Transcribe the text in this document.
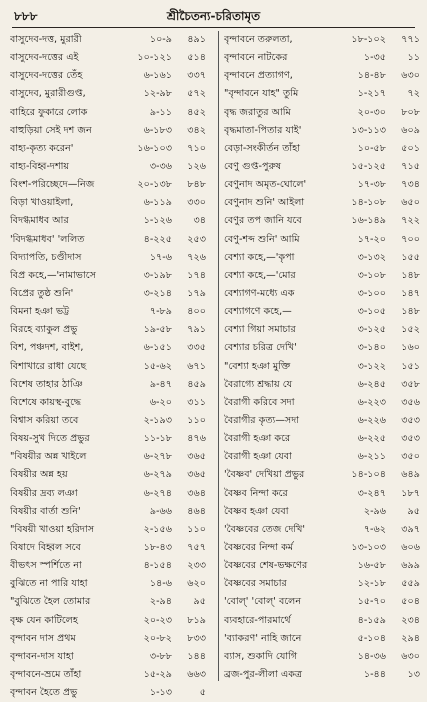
৮৮৮	শ্রীচৈতন্য-চরিতামৃত
বাসুদেব-দত্ত, মুরারী	১০-৯	৪৯১
বাসুদেব-দত্তের এই	১০-১২১	৫১৪
বাসুদেব-দত্তের তেঁহ	৬-১৬১	৩৩৭
বাসুদেব, মুরারীগুপ্ত,	১২-৯৮	৫৭২
বাহিরে ফুকারে লোক	৯-১১	৪৫২
বাহুড়িয়া সেই দশ জন	৬-১৮৩	৩৪২
বাহ্য-কৃত্য করেন'	১৬-১০৩	৭১০
বাহ্য-বিহ্ব-দশায়	৩-৩৬	১২৬
বিংশ-পরিচ্ছেদে—নিজ	২০-১৩৮	৮৪৮
বিড়া খাওয়াইলা,	৬-১১৯	৩৩০
বিদগ্ধমাধব আর	১-১২৬	৩৪
'বিদগ্ধমাধব' 'ললিত	৪-২২৫	২৫৩
বিদ্যাপতি, চণ্ডীদাস	১৭-৬	৭২৬
বিপ্র কহে,—'নামাভাসে	৩-১৯৮	১৭৪
বিপ্রের তুষ্ঠ শুনি'	৩-২১৪	১৭৯
বিমনা হঞা ভট্ট	৭-৮৯	৪০০
বিরহে ব্যাকুল প্রভু	১৯-৫৮	৭৯১
বিশ, পঞ্চদশ, বাইশ,	৬-১৫১	৩৩৫
বিশাখারে রাধা যেছে	১৫-৬২	৬৭১
বিশেষ তাহার ঠাঞি	৯-৪৭	৪৫৯
বিশেষে কায়স্থ-বুদ্ধে	৬-২০	৩১১
বিশ্বাস করিয়া তবে	২-১৯৩	১১০
বিষয়-সুখ দিতে প্রভুর	১১-১৮	৪৭৬
"বিষয়ীর অন্ন খাইলে	৬-২৭৮	৩৬৫
বিষয়ীর অন্ন হয়	৬-২৭৯	৩৬৫
বিষয়ীর দ্রব্য লঞা	৬-২৭৪	৩৬৪
বিষয়ীর বার্তা শুনি'	৯-৬৬	৪৬৪
"বিষয়ী খাওয়া হরিদাস	২-১৫৬	১১০
বিষাদে বিহ্বল সবে	১৮-৪৩	৭৫৭
বীভৎস স্পর্শিতে না	৪-১৫৪	২৩৩
বুঝিতে না পারি যাহা	১৪-৬	৬২০
"বুঝিতে হৈল তোমার	২-৯৪	৯৫
বৃক্ষ যেন কাটিলেহ	২০-২৩	৮১৯
বৃন্দাবন দাস প্রথম	২০-৮২	৮৩৩
বৃন্দাবন-দাস যাহা	৩-৮৮	১৪৪
বৃন্দাবনে-ভ্রমে তাঁহা	১৫-২৯	৬৬৩
বৃন্দাবন হৈতে প্রভু	১-১৩	৫
বৃন্দাবনে তরুলতা,	১৮-১০২	৭৭১
বৃন্দাবনে নাটকের	১-৩৫	১১
বৃন্দাবনে প্রত্যাগণ,	১৪-৪৮	৬৩০
"বৃন্দাবনে যাহ" তুমি	১-২১৭	৭২
বৃদ্ধ জরাতুর আমি	২০-৩০	৮০৮
বৃদ্ধমাতা-পিতার যাই'	১৩-১১৩	৬০৯
বেড়া-সংকীর্তন তাঁহা	১০-৫৮	৫০১
বেণু গুপ্ত-পুরুষ	১৫-১২৫	৭১৫
বেণুনাদ অমৃত-ঘোলে'	১৭-৩৮	৭৩৪
বেণুনাদ শুনি' আইলা	১৪-১০৮	৬৫০
বেণুর তপ জানি যবে	১৬-১৪৯	৭২২
বেণু-শব্দ শুনি' আমি	১৭-২০	৭০০
বেশ্যা কহে,—'কৃপা	৩-১৩২	১৫৫
বেশ্যা কহে,—'মোর	৩-১০৮	১৪৮
বেশ্যাগণ-মধ্যে এক	৩-১০০	১৪৭
বেশ্যাগণে কহে,—	৩-১০৫	১৪৮
বেশ্যা গিয়া সমাচার	৩-১২৫	১৫২
বেশ্যার চরিত্র দেখি'	৩-১৪০	১৬০
"বেশ্যা হঞা মুক্তি	৩-১২২	১৫১
বৈরাগ্যে শ্রদ্ধায় যে	৬-২৪৫	৩৫৮
বৈরাগী করিবে সদা	৬-২২৩	৩৫৬
বৈরাগীর কৃত্য—সদা	৬-২২৬	৩৫৩
বৈরাগী হঞা করে	৬-২২৫	৩৫৩
বৈরাগী হঞা যেবা	৬-২১১	৩৫০
'বৈষ্ণব' দেখিয়া প্রভুর	১৪-১০৪	৬৪৯
বৈষ্ণব নিন্দা করে	৩-২৪৭	১৮৭
বৈষ্ণব হঞা যেবা	২-৯৬	৯৫
'বৈষ্ণবের তেজ দেখি'	৭-৬২	৩৯৭
বৈষ্ণবের নিন্দা কর্ম	১৩-১০৩	৬০৬
বৈষ্ণবের শেষ-ভক্ষণের	১৬-৫৮	৬৯৯
বৈষ্ণবের সমাচার	১২-১৮	৫৫৯
'বোল্' 'বোল্' বলেন	১৫-৭০	৫০৪
ব্যবহারে-পারমার্থে	৪-১৫৯	২৩৪
'ব্যাকরণ' নাহি জানে	৫-১০৪	২৯৪
ব্যাস, শুকাদি যোগি	১৪-৩৬	৬৩০
ব্রজ-পুর-লীলা একত্র	১-৪৪	১৩
